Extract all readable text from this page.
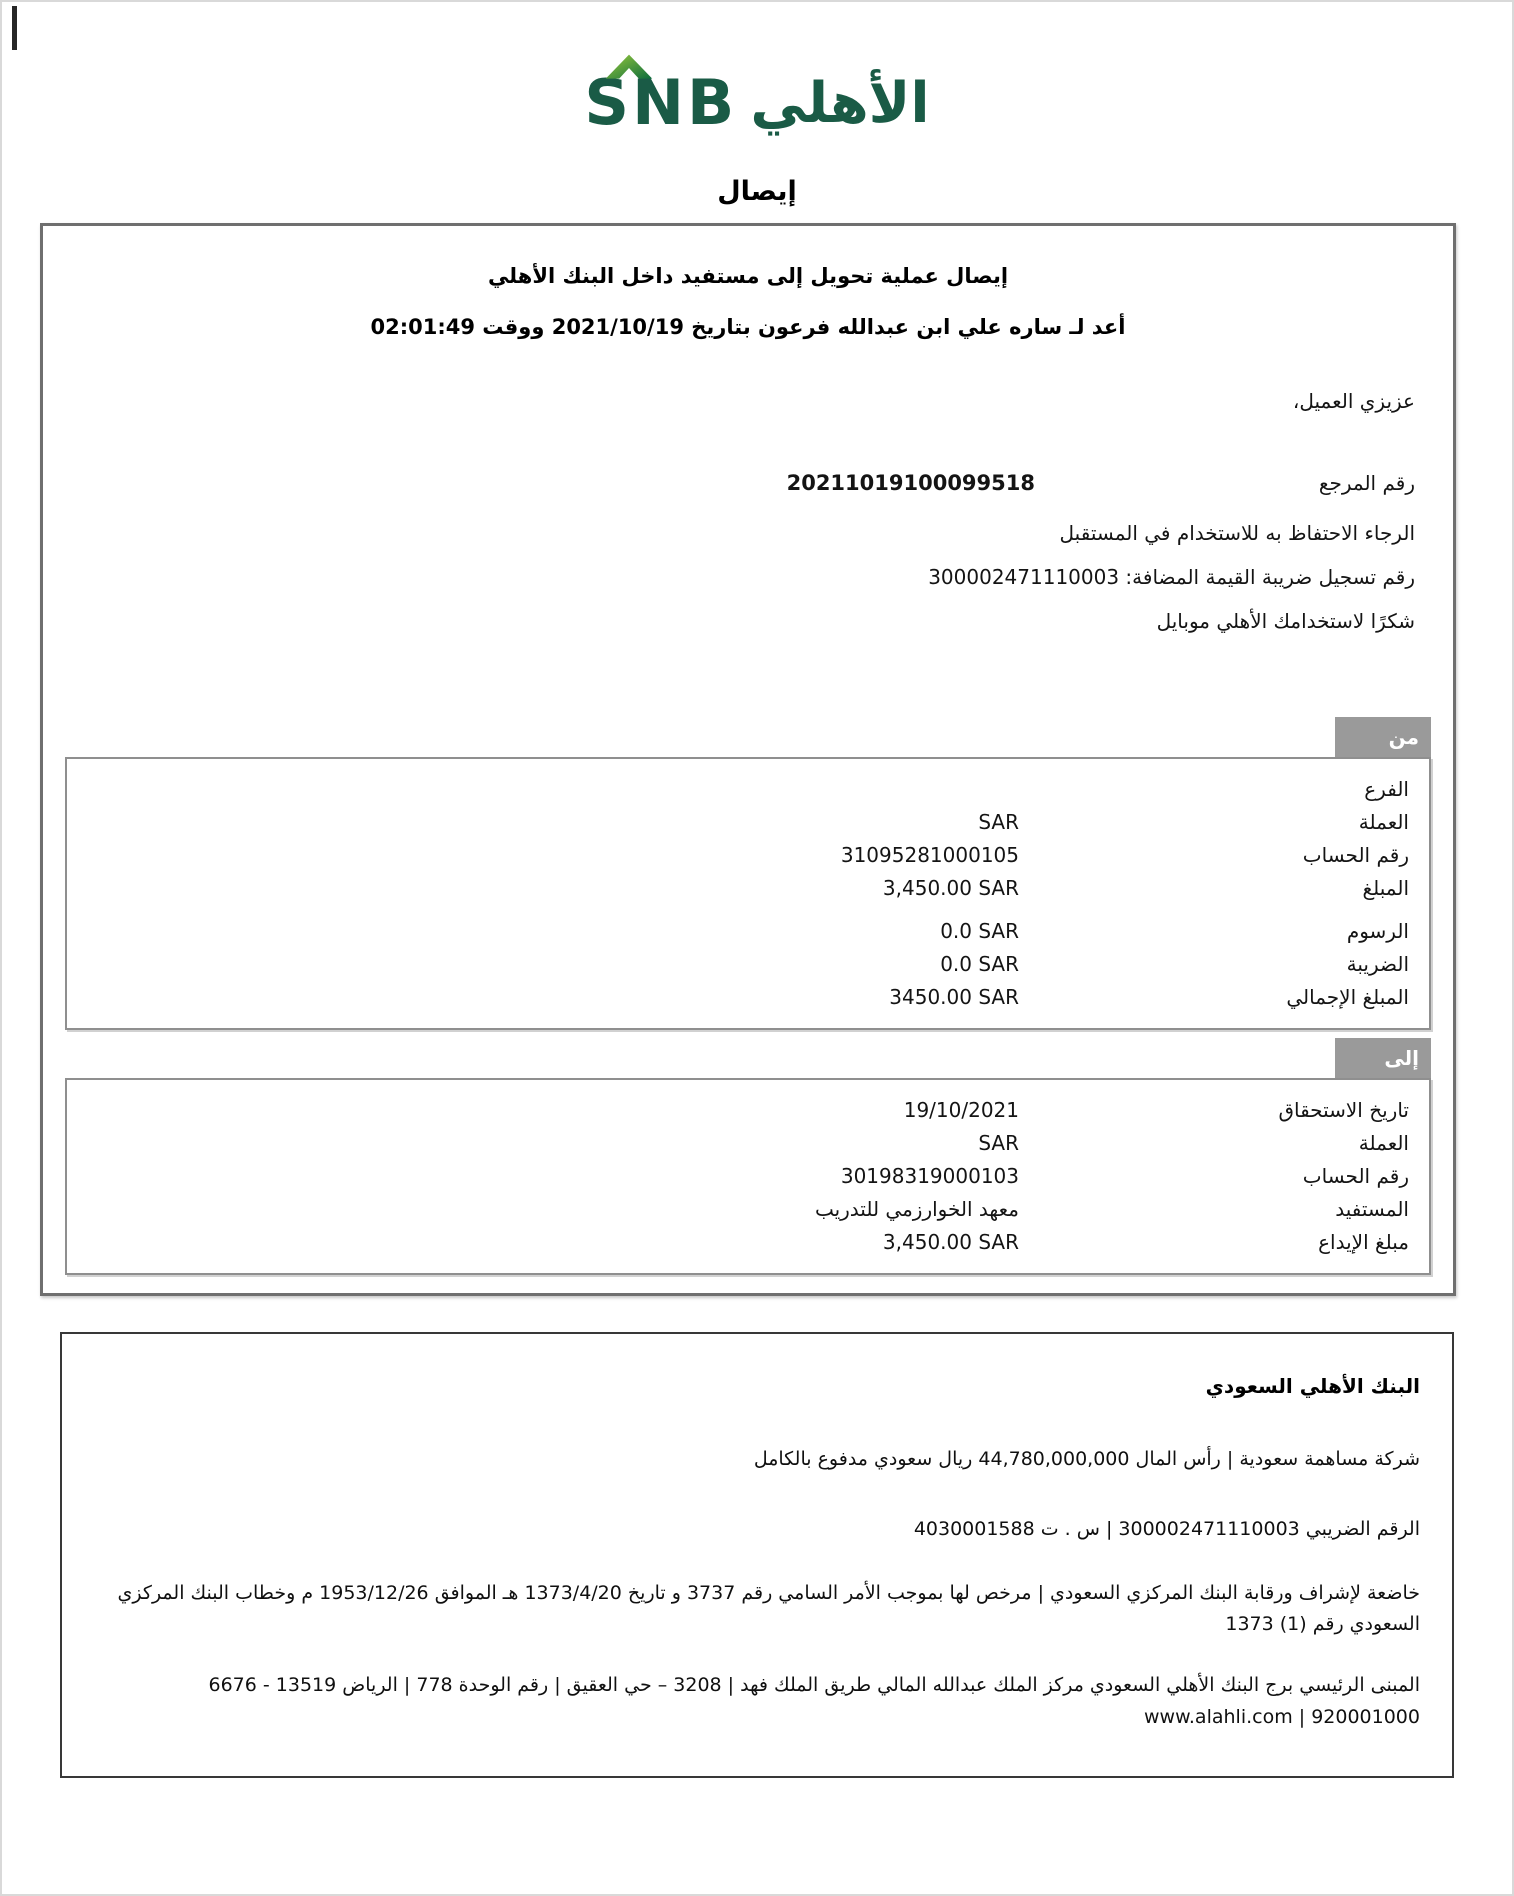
SNB الأهلي
إيصال
إيصال عملية تحويل إلى مستفيد داخل البنك الأهلي
أعد لـ ساره علي ابن عبدالله فرعون بتاريخ 2021/10/19 ووقت 02:01:49
عزيزي العميل،
رقم المرجع
20211019100099518
الرجاء الاحتفاظ به للاستخدام في المستقبل
رقم تسجيل ضريبة القيمة المضافة: 300002471110003
شكرًا لاستخدامك الأهلي موبايل
من
الفرع
العملة
SAR
رقم الحساب
31095281000105
المبلغ
3,450.00 SAR
الرسوم
0.0 SAR
الضريبة
0.0 SAR
المبلغ الإجمالي
3450.00 SAR
إلى
تاريخ الاستحقاق
19/10/2021
العملة
SAR
رقم الحساب
30198319000103
المستفيد
معهد الخوارزمي للتدريب
مبلغ الإيداع
3,450.00 SAR
البنك الأهلي السعودي
شركة مساهمة سعودية | رأس المال 44,780,000,000 ريال سعودي مدفوع بالكامل
الرقم الضريبي 300002471110003 | س . ت 4030001588
خاضعة لإشراف ورقابة البنك المركزي السعودي | مرخص لها بموجب الأمر السامي رقم 3737 و تاريخ 1373/4/20 هـ الموافق 1953/12/26 م وخطاب البنك المركزي السعودي رقم (1) 1373
المبنى الرئيسي برج البنك الأهلي السعودي مركز الملك عبدالله المالي طريق الملك فهد | 3208 – حي العقيق | رقم الوحدة 778 | الرياض 13519 - 6676
www.alahli.com | 920001000
